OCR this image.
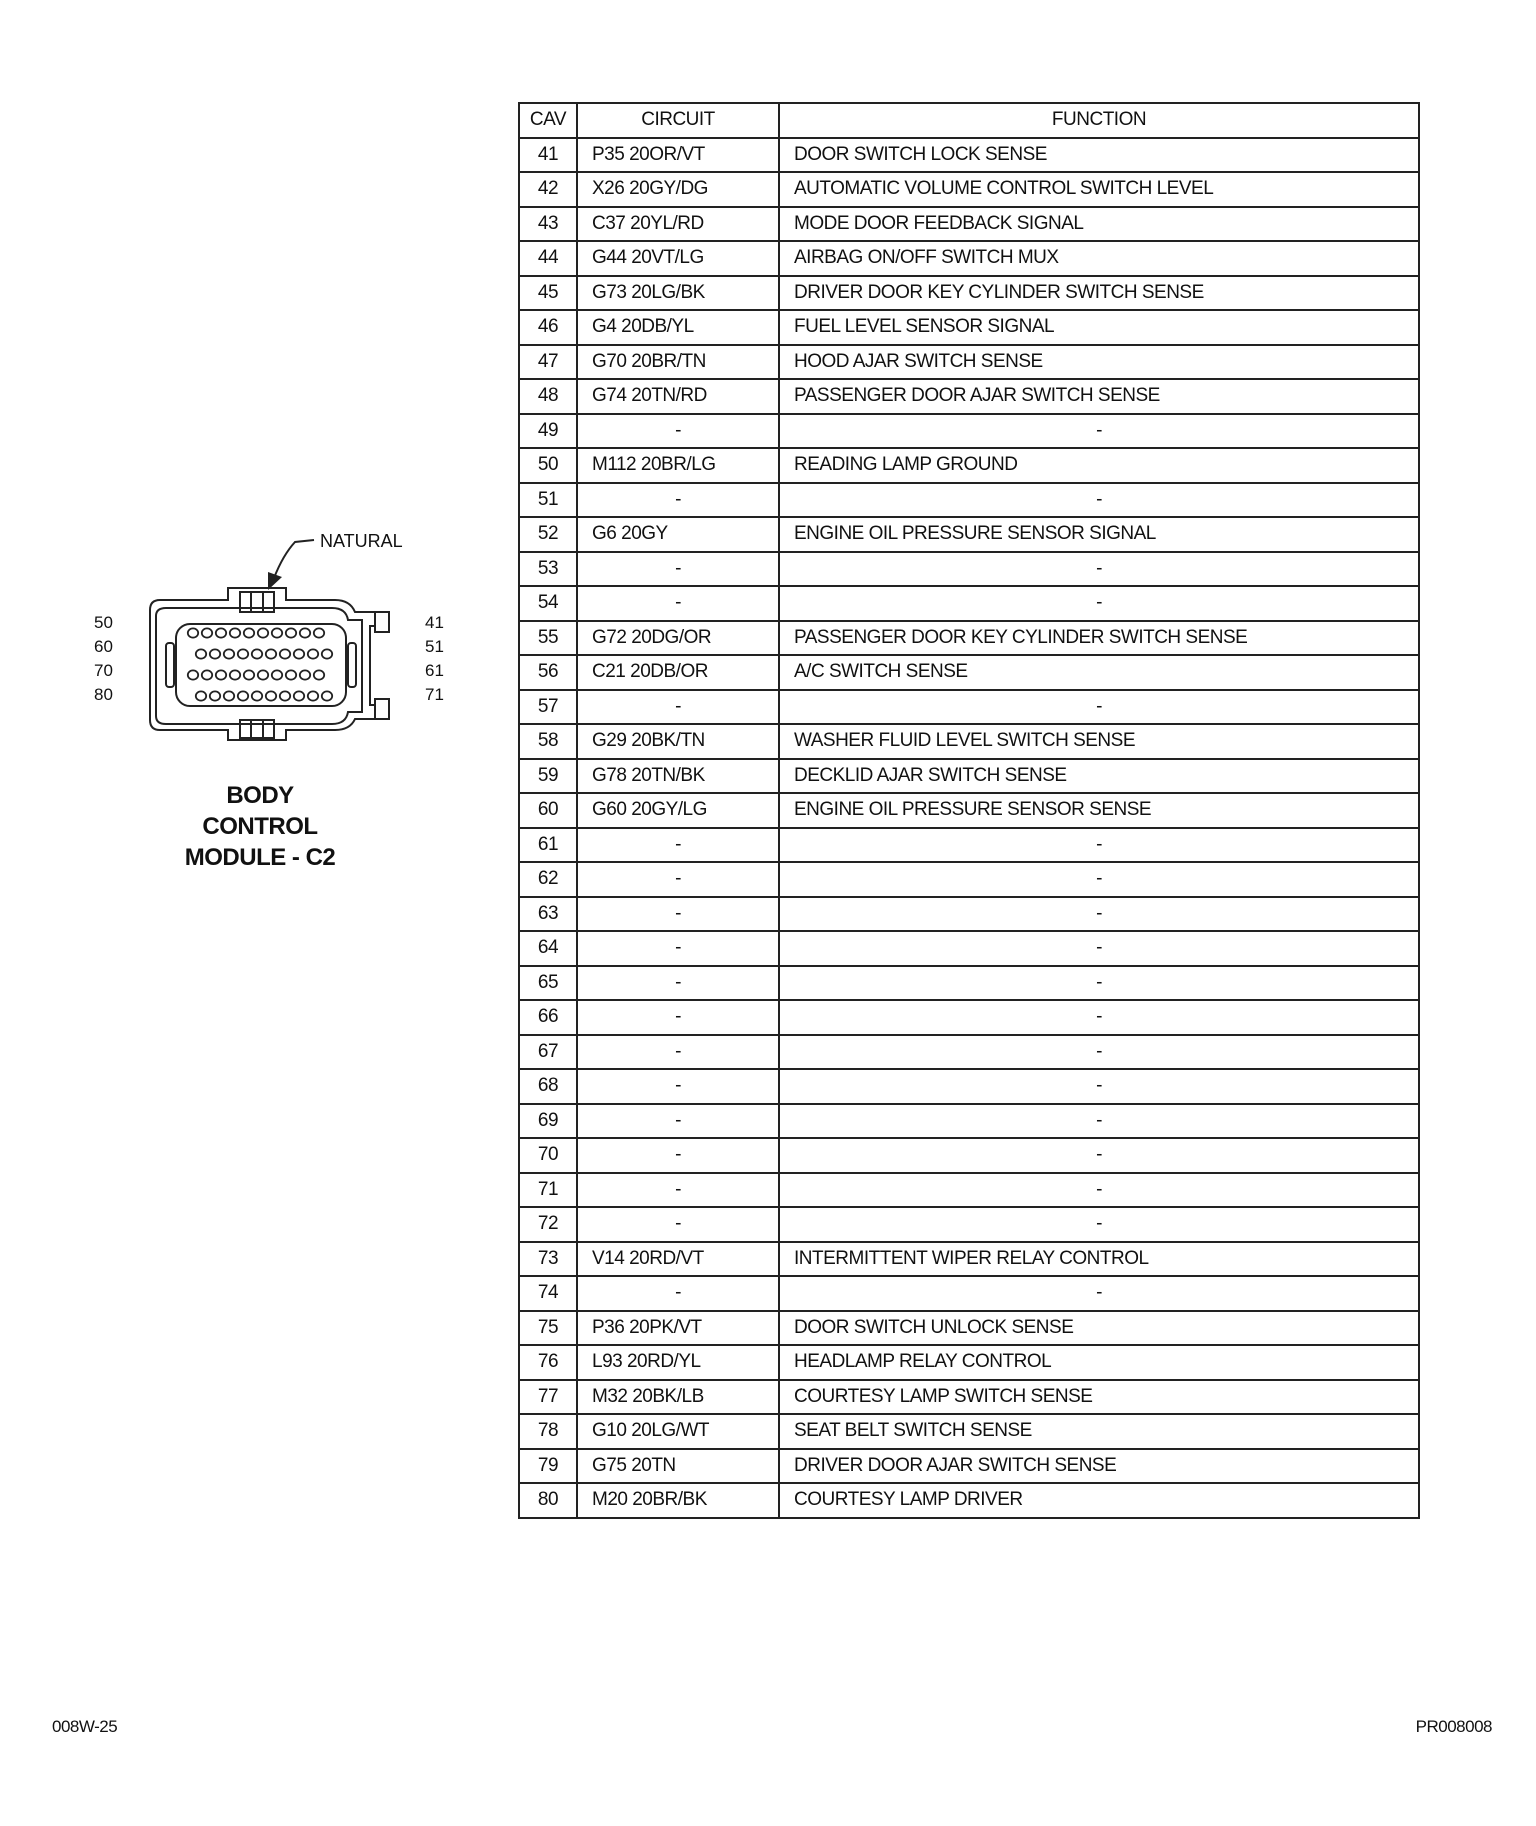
CAV	CIRCUIT	FUNCTION
41	P35 20OR/VT	DOOR SWITCH LOCK SENSE
42	X26 20GY/DG	AUTOMATIC VOLUME CONTROL SWITCH LEVEL
43	C37 20YL/RD	MODE DOOR FEEDBACK SIGNAL
44	G44 20VT/LG	AIRBAG ON/OFF SWITCH MUX
45	G73 20LG/BK	DRIVER DOOR KEY CYLINDER SWITCH SENSE
46	G4 20DB/YL	FUEL LEVEL SENSOR SIGNAL
47	G70 20BR/TN	HOOD AJAR SWITCH SENSE
48	G74 20TN/RD	PASSENGER DOOR AJAR SWITCH SENSE
49	-	-
50	M112 20BR/LG	READING LAMP GROUND
51	-	-
52	G6 20GY	ENGINE OIL PRESSURE SENSOR SIGNAL
53	-	-
54	-	-
55	G72 20DG/OR	PASSENGER DOOR KEY CYLINDER SWITCH SENSE
56	C21 20DB/OR	A/C SWITCH SENSE
57	-	-
58	G29 20BK/TN	WASHER FLUID LEVEL SWITCH SENSE
59	G78 20TN/BK	DECKLID AJAR SWITCH SENSE
60	G60 20GY/LG	ENGINE OIL PRESSURE SENSOR SENSE
61	-	-
62	-	-
63	-	-
64	-	-
65	-	-
66	-	-
67	-	-
68	-	-
69	-	-
70	-	-
71	-	-
72	-	-
73	V14 20RD/VT	INTERMITTENT WIPER RELAY CONTROL
74	-	-
75	P36 20PK/VT	DOOR SWITCH UNLOCK SENSE
76	L93 20RD/YL	HEADLAMP RELAY CONTROL
77	M32 20BK/LB	COURTESY LAMP SWITCH SENSE
78	G10 20LG/WT	SEAT BELT SWITCH SENSE
79	G75 20TN	DRIVER DOOR AJAR SWITCH SENSE
80	M20 20BR/BK	COURTESY LAMP DRIVER
NATURAL
50
60
70
80
41
51
61
71
BODY
CONTROL
MODULE - C2
008W-25	PR008008
